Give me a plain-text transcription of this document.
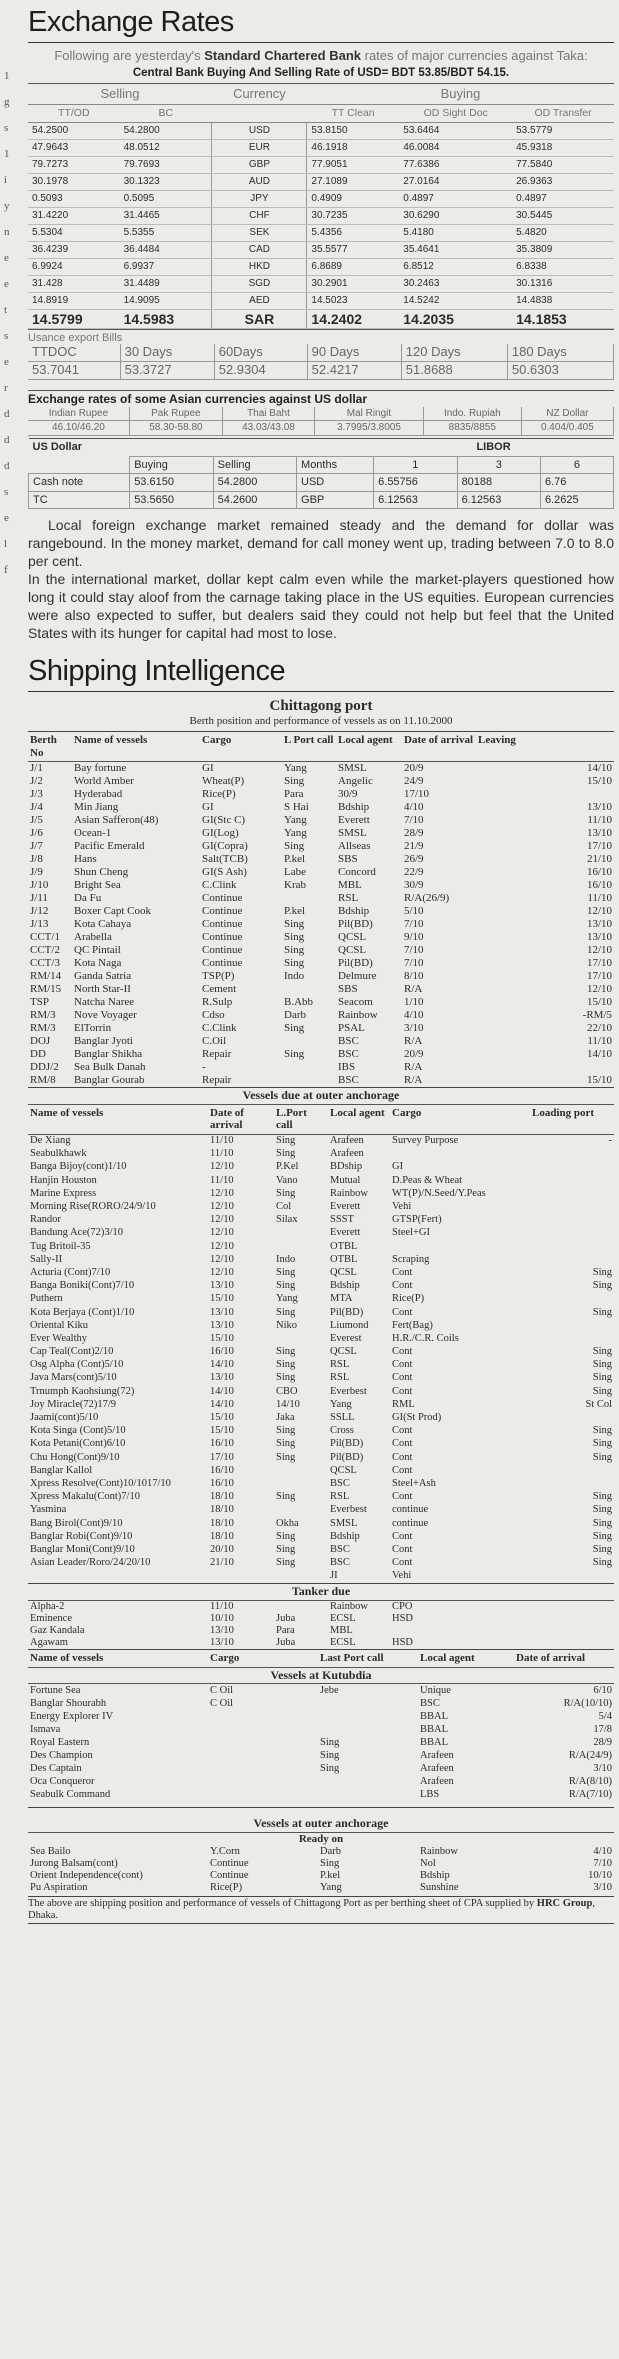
1
g
s
1
i
y
n
e
e
t
s
e
r
d
d
d
s
e
l
f
Exchange Rates

Following are yesterday's Standard Chartered Bank rates of major currencies against Taka:

Central Bank Buying And Selling Rate of USD= BDT 53.85/BDT 54.15.

Selling		Currency	Buying		
TT/OD	BC		TT Clean	OD Sight Doc	OD Transfer
54.2500	54.2800	USD	53.8150	53.6464	53.5779
47.9643	48.0512	EUR	46.1918	46.0084	45.9318
79.7273	79.7693	GBP	77.9051	77.6386	77.5840
30.1978	30.1323	AUD	27.1089	27.0164	26.9363
0.5093	0.5095	JPY	0.4909	0.4897	0.4897
31.4220	31.4465	CHF	30.7235	30.6290	30.5445
5.5304	5.5355	SEK	5.4356	5.4180	5.4820
36.4239	36.4484	CAD	35.5577	35.4641	35.3809
6.9924	6.9937	HKD	6.8689	6.8512	6.8338
31.428	31.4489	SGD	30.2901	30.2463	30.1316
14.8919	14.9095	AED	14.5023	14.5242	14.4838
14.5799	14.5983	SAR	14.2402	14.2035	14.1853
Usance export Bills
TTDOC	30 Days	60Days	90 Days	120 Days	180 Days
53.7041	53.3727	52.9304	52.4217	51.8688	50.6303
Exchange rates of some Asian currencies against US dollar
Indian Rupee	Pak Rupee	Thai Baht	Mal Ringit	Indo. Rupiah	NZ Dollar
46.10/46.20	58.30-58.80	43.03/43.08	3.7995/3.8005	8835/8855	0.404/0.405
US Dollar				LIBOR		
	Buying	Selling	Months	1	3	6
Cash note	53.6150	54.2800	USD	6.55756	80188	6.76
TC	53.5650	54.2600	GBP	6.12563	6.12563	6.2625

Local foreign exchange market remained steady and the demand for dollar was rangebound. In the money market, demand for call money went up, trading between 7.0 to 8.0 per cent.

In the international market, dollar kept calm even while the market-players questioned how long it could stay aloof from the carnage taking place in the US equities. European currencies were also expected to suffer, but dealers said they could not help but feel that the United States with its hunger for capital had most to lose.

Shipping Intelligence
Chittagong port
Berth position and performance of vessels as on 11.10.2000
Berth No	Name of vessels	Cargo	L Port call	Local agent	Date of arrival	Leaving
J/1	Bay fortune	GI	Yang	SMSL	20/9	14/10
J/2	World Amber	Wheat(P)	Sing	Angelic	24/9	15/10
J/3	Hyderabad	Rice(P)	Para	30/9	17/10	
J/4	Min Jiang	GI	S Hai	Bdship	4/10	13/10
J/5	Asian Safferon(48)	GI(Stc C)	Yang	Everett	7/10	11/10
J/6	Ocean-1	GI(Log)	Yang	SMSL	28/9	13/10
J/7	Pacific Emerald	GI(Copra)	Sing	Allseas	21/9	17/10
J/8	Hans	Salt(TCB)	P.kel	SBS	26/9	21/10
J/9	Shun Cheng	GI(S Ash)	Labe	Concord	22/9	16/10
J/10	Bright Sea	C.Clink	Krab	MBL	30/9	16/10
J/11	Da Fu	Continue		RSL	R/A(26/9)	11/10
J/12	Boxer Capt Cook	Continue	P.kel	Bdship	5/10	12/10
J/13	Kota Cahaya	Continue	Sing	Pil(BD)	7/10	13/10
CCT/1	Arabella	Continue	Sing	QCSL	9/10	13/10
CCT/2	QC Pintail	Continue	Sing	QCSL	7/10	12/10
CCT/3	Kota Naga	Continue	Sing	Pil(BD)	7/10	17/10
RM/14	Ganda Satria	TSP(P)	Indo	Delmure	8/10	17/10
RM/15	North Star-II	Cement		SBS	R/A	12/10
TSP	Natcha Naree	R.Sulp	B.Abb	Seacom	1/10	15/10
RM/3	Nove Voyager	Cdso	Darb	Rainbow	4/10	-RM/5
RM/3	ElTorrin	C.Clink	Sing	PSAL	3/10	22/10
DOJ	Banglar Jyoti	C.Oil		BSC	R/A	11/10
DD	Banglar Shikha	Repair	Sing	BSC	20/9	14/10
DDJ/2	Sea Bulk Danah	-		IBS	R/A	
RM/8	Banglar Gourab	Repair		BSC	R/A	15/10
Vessels due at outer anchorage
Name of vessels	Date of arrival	L.Port call	Local agent	Cargo	Loading port
De Xiang	11/10	Sing	Arafeen	Survey Purpose	-
Seabulkhawk	11/10	Sing	Arafeen		
Banga Bijoy(cont)1/10	12/10	P.Kel	BDship	GI	
Hanjin Houston	11/10	Vano	Mutual	D.Peas & Wheat	
Marine Express	12/10	Sing	Rainbow	WT(P)/N.Seed/Y.Peas	
Morning Rise(RORO/24/9/10	12/10	Col	Everett	Vehi	
Randor	12/10	Silax	SSST	GTSP(Fert)	
Bandung Ace(72)3/10	12/10		Everett	Steel+GI	
Tug Britoil-35	12/10		OTBL		
Sally-II	12/10	Indo	OTBL	Scraping	
Acturia (Cont)7/10	12/10	Sing	QCSL	Cont	Sing
Banga Boniki(Cont)7/10	13/10	Sing	Bdship	Cont	Sing
Puthern	15/10	Yang	MTA	Rice(P)	
Kota Berjaya (Cont)1/10	13/10	Sing	Pil(BD)	Cont	Sing
Oriental Kiku	13/10	Niko	Liumond	Fert(Bag)	
Ever Wealthy	15/10		Everest	H.R./C.R. Coils	
Cap Teal(Cont)2/10	16/10	Sing	QCSL	Cont	Sing
Osg Alpha (Cont)5/10	14/10	Sing	RSL	Cont	Sing
Java Mars(cont)5/10	13/10	Sing	RSL	Cont	Sing
Trnumph Kaohsiung(72)	14/10	CBO	Everbest	Cont	Sing
Joy Miracle(72)17/9	14/10	14/10	Yang	RML	St Col
Jaami(cont)5/10	15/10	Jaka	SSLL	GI(St Prod)	
Kota Singa (Cont)5/10	15/10	Sing	Cross	Cont	Sing
Kota Petani(Cont)6/10	16/10	Sing	Pil(BD)	Cont	Sing
Chu Hong(Cont)9/10	17/10	Sing	Pil(BD)	Cont	Sing
Banglar Kallol	16/10		QCSL	Cont	
Xpress Resolve(Cont)10/1017/10	16/10		BSC	Steel+Ash	
Xpress Makalu(Cont)7/10	18/10	Sing	RSL	Cont	Sing
Yasmina	18/10		Everbest	continue	Sing
Bang Birol(Cont)9/10	18/10	Okha	SMSL	continue	Sing
Banglar Robi(Cont)9/10	18/10	Sing	Bdship	Cont	Sing
Banglar Moni(Cont)9/10	20/10	Sing	BSC	Cont	Sing
Asian Leader/Roro/24/20/10	21/10	Sing	BSC	Cont	Sing
			JI	Vehi	
Tanker due
Alpha-2	11/10		Rainbow	CPO
Eminence	10/10	Juba	ECSL	HSD
Gaz Kandala	13/10	Para	MBL	
Agawam	13/10	Juba	ECSL	HSD
Name of vessels	Cargo	Last Port call	Local agent	Date of arrival
Vessels at Kutubdia
Fortune Sea	C Oil	Jebe	Unique	6/10
Banglar Shourabh	C Oil		BSC	R/A(10/10)
Energy Explorer IV			BBAL	5/4
Ismava			BBAL	17/8
Royal Eastern		Sing	BBAL	28/9
Des Champion		Sing	Arafeen	R/A(24/9)
Des Captain		Sing	Arafeen	3/10
Oca Conqueror			Arafeen	R/A(8/10)
Seabulk Command			LBS	R/A(7/10)
Vessels at outer anchorage
Ready on
Sea Bailo	Y.Corn	Darb	Rainbow	4/10
Jurong Balsam(cont)	Continue	Sing	Nol	7/10
Orient Independence(cont)	Continue	P.kel	Bdship	10/10
Pu Aspiration	Rice(P)	Yang	Sunshine	3/10
The above are shipping position and performance of vessels of Chittagong Port as per berthing sheet of CPA supplied by HRC Group, Dhaka.
